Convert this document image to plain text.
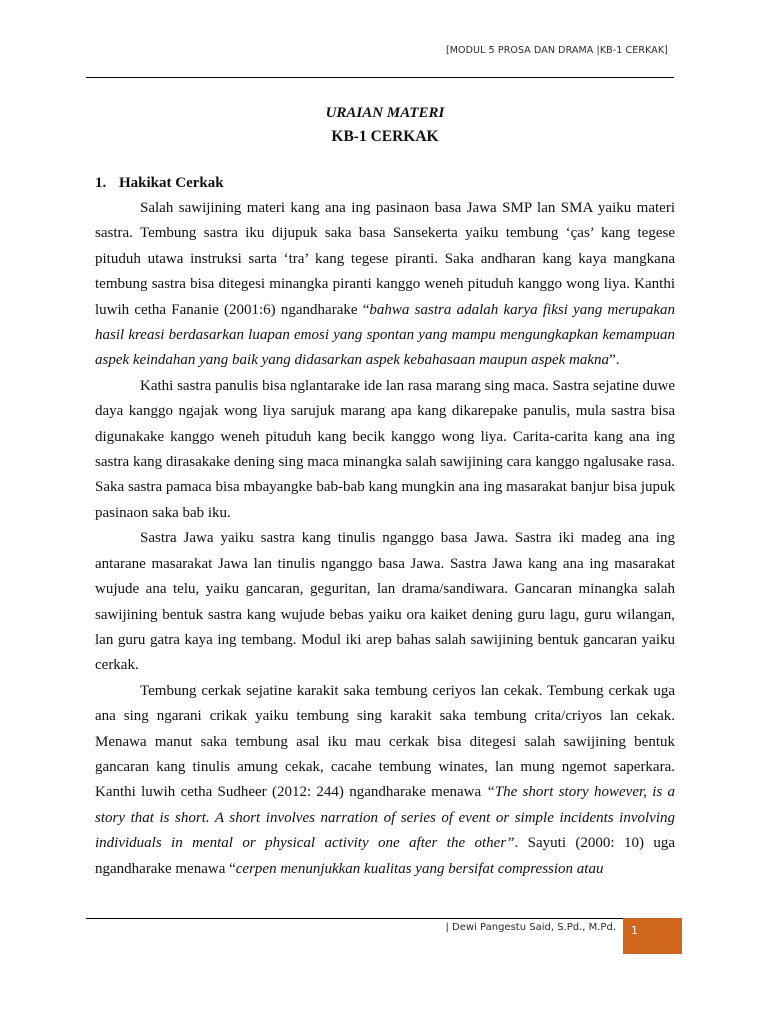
[MODUL 5 PROSA DAN DRAMA |KB-1 CERKAK]

URAIAN MATERI

KB-1 CERKAK

1. Hakikat Cerkak

Salah sawijining materi kang ana ing pasinaon basa Jawa SMP lan SMA yaiku materi sastra. Tembung sastra iku dijupuk saka basa Sansekerta yaiku tembung ‘ças’ kang tegese pituduh utawa instruksi sarta ‘tra’ kang tegese piranti. Saka andharan kang kaya mangkana tembung sastra bisa ditegesi minangka piranti kanggo weneh pituduh kanggo wong liya. Kanthi luwih cetha Fananie (2001:6) ngandharake “bahwa sastra adalah karya fiksi yang merupakan hasil kreasi berdasarkan luapan emosi yang spontan yang mampu mengungkapkan kemampuan aspek keindahan yang baik yang didasarkan aspek kebahasaan maupun aspek makna”.

Kathi sastra panulis bisa nglantarake ide lan rasa marang sing maca. Sastra sejatine duwe daya kanggo ngajak wong liya sarujuk marang apa kang dikarepake panulis, mula sastra bisa digunakake kanggo weneh pituduh kang becik kanggo wong liya. Carita-carita kang ana ing sastra kang dirasakake dening sing maca minangka salah sawijining cara kanggo ngalusake rasa. Saka sastra pamaca bisa mbayangke bab-bab kang mungkin ana ing masarakat banjur bisa jupuk pasinaon saka bab iku.

Sastra Jawa yaiku sastra kang tinulis nganggo basa Jawa. Sastra iki madeg ana ing antarane masarakat Jawa lan tinulis nganggo basa Jawa. Sastra Jawa kang ana ing masarakat wujude ana telu, yaiku gancaran, geguritan, lan drama/sandiwara. Gancaran minangka salah sawijining bentuk sastra kang wujude bebas yaiku ora kaiket dening guru lagu, guru wilangan, lan guru gatra kaya ing tembang. Modul iki arep bahas salah sawijining bentuk gancaran yaiku cerkak.

Tembung cerkak sejatine karakit saka tembung ceriyos lan cekak. Tembung cerkak uga ana sing ngarani crikak yaiku tembung sing karakit saka tembung crita/criyos lan cekak. Menawa manut saka tembung asal iku mau cerkak bisa ditegesi salah sawijining bentuk gancaran kang tinulis amung cekak, cacahe tembung winates, lan mung ngemot saperkara. Kanthi luwih cetha Sudheer (2012: 244) ngandharake menawa “The short story however, is a story that is short. A short involves narration of series of event or simple incidents involving individuals in mental or physical activity one after the other”. Sayuti (2000: 10) uga ngandharake menawa “cerpen menunjukkan kualitas yang bersifat compression atau

| Dewi Pangestu Said, S.Pd., M.Pd. 1
